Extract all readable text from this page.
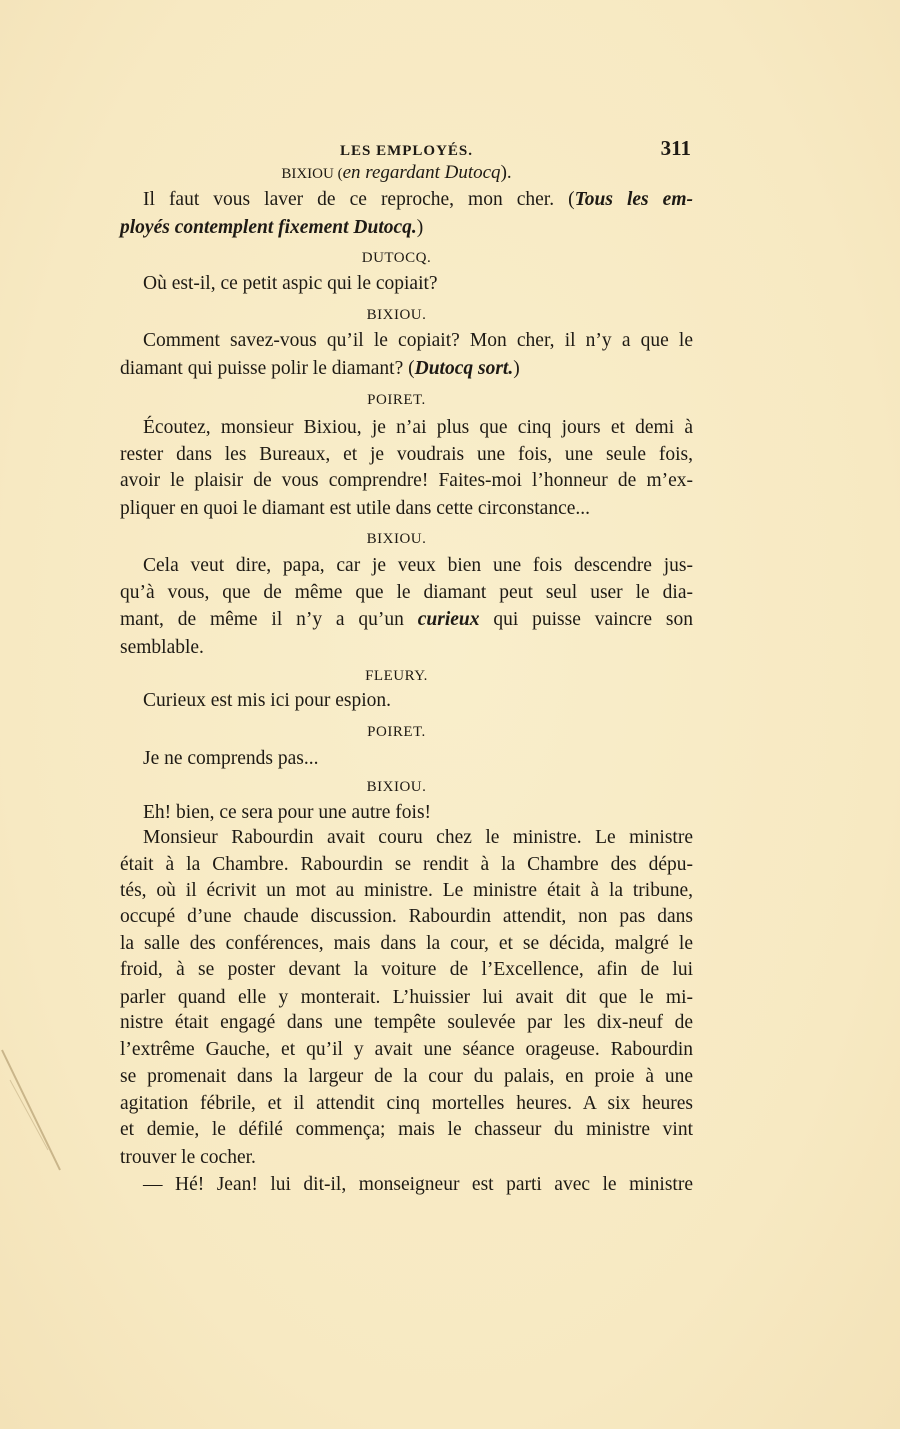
LES EMPLOYÉS.	311
BIXIOU (en regardant Dutocq).
Il faut vous laver de ce reproche, mon cher. (Tous les em-
ployés contemplent fixement Dutocq.)
DUTOCQ.
Où est-il, ce petit aspic qui le copiait?
BIXIOU.
Comment savez-vous qu’il le copiait? Mon cher, il n’y a que le
diamant qui puisse polir le diamant? (Dutocq sort.)
POIRET.
Écoutez, monsieur Bixiou, je n’ai plus que cinq jours et demi à
rester dans les Bureaux, et je voudrais une fois, une seule fois,
avoir le plaisir de vous comprendre! Faites-moi l’honneur de m’ex-
pliquer en quoi le diamant est utile dans cette circonstance...
BIXIOU.
Cela veut dire, papa, car je veux bien une fois descendre jus-
qu’à vous, que de même que le diamant peut seul user le dia-
mant, de même il n’y a qu’un curieux qui puisse vaincre son
semblable.
FLEURY.
Curieux est mis ici pour espion.
POIRET.
Je ne comprends pas...
BIXIOU.
Eh! bien, ce sera pour une autre fois!
Monsieur Rabourdin avait couru chez le ministre. Le ministre
était à la Chambre. Rabourdin se rendit à la Chambre des dépu-
tés, où il écrivit un mot au ministre. Le ministre était à la tribune,
occupé d’une chaude discussion. Rabourdin attendit, non pas dans
la salle des conférences, mais dans la cour, et se décida, malgré le
froid, à se poster devant la voiture de l’Excellence, afin de lui
parler quand elle y monterait. L’huissier lui avait dit que le mi-
nistre était engagé dans une tempête soulevée par les dix-neuf de
l’extrême Gauche, et qu’il y avait une séance orageuse. Rabourdin
se promenait dans la largeur de la cour du palais, en proie à une
agitation fébrile, et il attendit cinq mortelles heures. A six heures
et demie, le défilé commença; mais le chasseur du ministre vint
trouver le cocher.
— Hé! Jean! lui dit-il, monseigneur est parti avec le ministre
